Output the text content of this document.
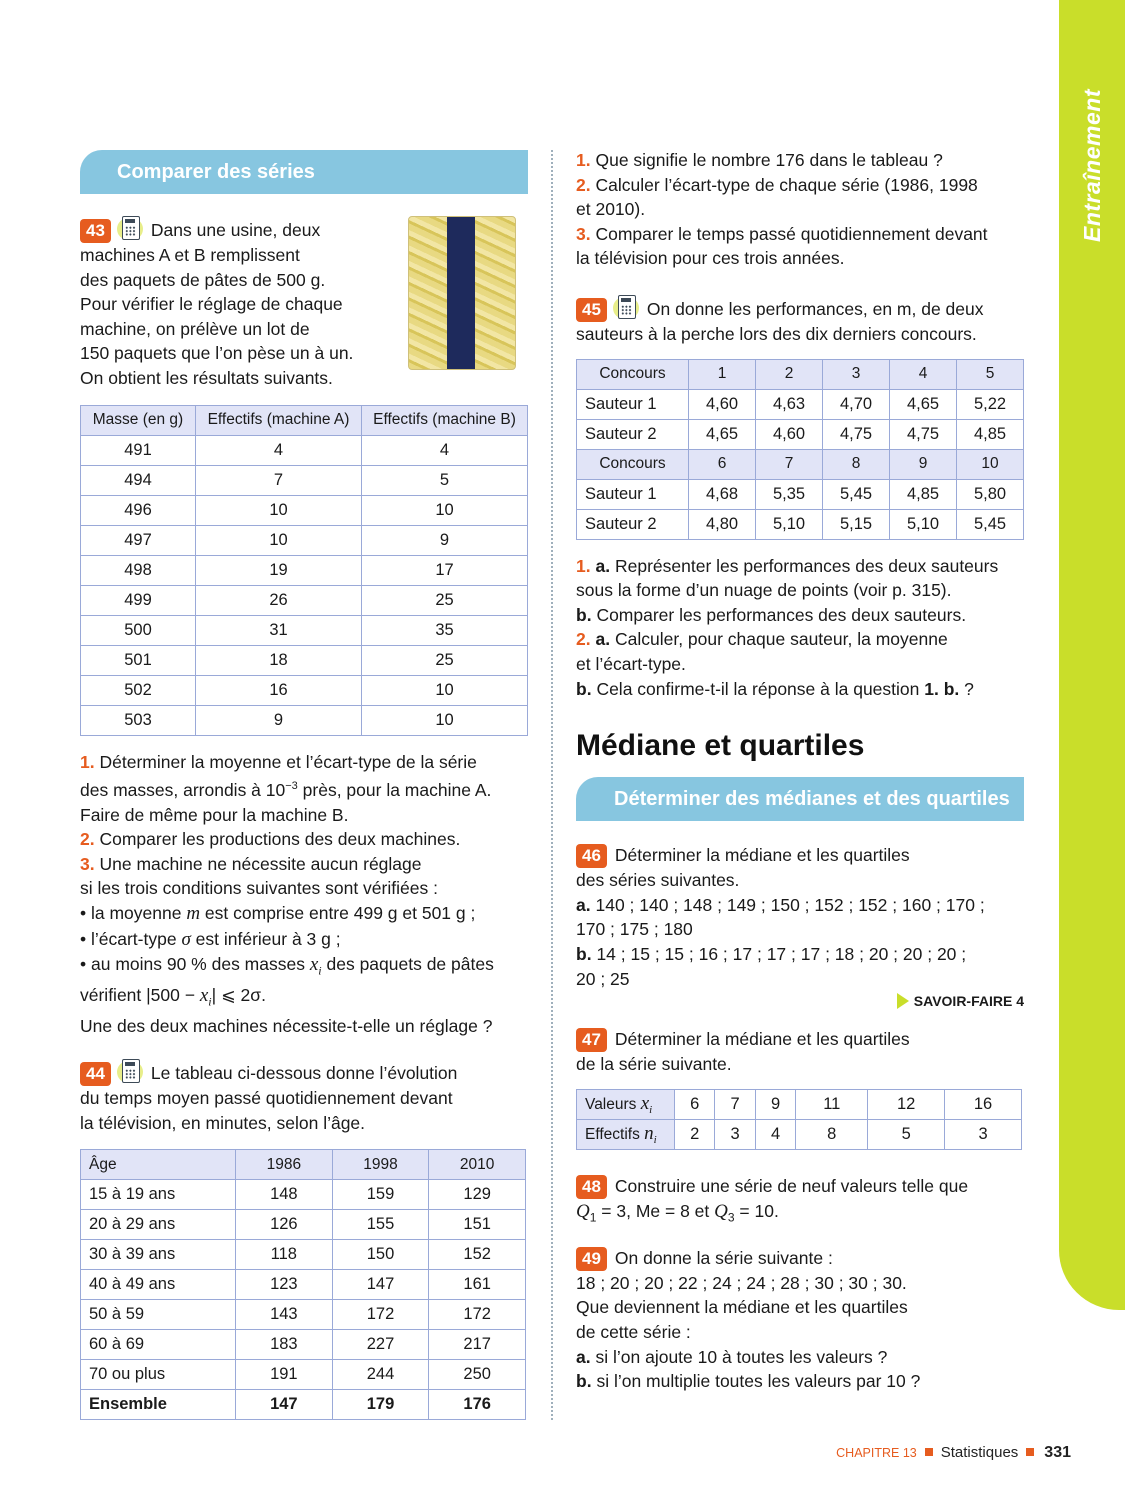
Entraînement
Comparer des séries

43	Dans une usine, deux

machines A et B remplissent

des paquets de pâtes de 500 g.

Pour vérifier le réglage de chaque

machine, on prélève un lot de

150 paquets que l’on pèse un à un.

On obtient les résultats suivants.

Masse (en g)	Effectifs (machine A)	Effectifs (machine B)
491	4	4
494	7	5
496	10	10
497	10	9
498	19	17
499	26	25
500	31	35
501	18	25
502	16	10
503	9	10

1. Déterminer la moyenne et l’écart-type de la série

des masses, arrondis à $10^{-3}$ près, pour la machine A.

Faire de même pour la machine B.

2. Comparer les productions des deux machines.

3. Une machine ne nécessite aucun réglage

si les trois conditions suivantes sont vérifiées :

• la moyenne m est comprise entre 499 g et 501 g ;

• l’écart-type σ est inférieur à 3 g ;

• au moins 90 % des masses $x_i$ des paquets de pâtes

vérifient $|500 - x_i|$ ⩽ 2σ.

Une des deux machines nécessite-t-elle un réglage ?

44	Le tableau ci-dessous donne l’évolution

du temps moyen passé quotidiennement devant

la télévision, en minutes, selon l’âge.

Âge	1986	1998	2010
15 à 19 ans	148	159	129
20 à 29 ans	126	155	151
30 à 39 ans	118	150	152
40 à 49 ans	123	147	161
50 à 59	143	172	172
60 à 69	183	227	217
70 ou plus	191	244	250
Ensemble	147	179	176

1. Que signifie le nombre 176 dans le tableau ?

2. Calculer l’écart-type de chaque série (1986, 1998

et 2010).

3. Comparer le temps passé quotidiennement devant

la télévision pour ces trois années.

45	On donne les performances, en m, de deux

sauteurs à la perche lors des dix derniers concours.

Concours	1	2	3	4	5
Sauteur 1	4,60	4,63	4,70	4,65	5,22
Sauteur 2	4,65	4,60	4,75	4,75	4,85
Concours	6	7	8	9	10
Sauteur 1	4,68	5,35	5,45	4,85	5,80
Sauteur 2	4,80	5,10	5,15	5,10	5,45

1. a. Représenter les performances des deux sauteurs

sous la forme d’un nuage de points (voir p. 315).

b. Comparer les performances des deux sauteurs.

2. a. Calculer, pour chaque sauteur, la moyenne

et l’écart-type.

b. Cela confirme-t-il la réponse à la question 1. b. ?

Médiane et quartiles
Déterminer des médianes et des quartiles

46 Déterminer la médiane et les quartiles

des séries suivantes.

a. 140 ; 140 ; 148 ; 149 ; 150 ; 152 ; 152 ; 160 ; 170 ;

170 ; 175 ; 180

b. 14 ; 15 ; 15 ; 16 ; 17 ; 17 ; 17 ; 18 ; 20 ; 20 ; 20 ;

20 ; 25

SAVOIR-FAIRE 4

47 Déterminer la médiane et les quartiles

de la série suivante.

Valeurs $x_i$	6	7	9	11	12	16
Effectifs $n_i$	2	3	4	8	5	3

48 Construire une série de neuf valeurs telle que

$Q_1 = 3$, Me = 8 et $Q_3 = 10$.

49 On donne la série suivante :

18 ; 20 ; 20 ; 22 ; 24 ; 24 ; 28 ; 30 ; 30 ; 30.

Que deviennent la médiane et les quartiles

de cette série :

a. si l’on ajoute 10 à toutes les valeurs ?

b. si l’on multiplie toutes les valeurs par 10 ?

CHAPITRE 13 Statistiques 331
